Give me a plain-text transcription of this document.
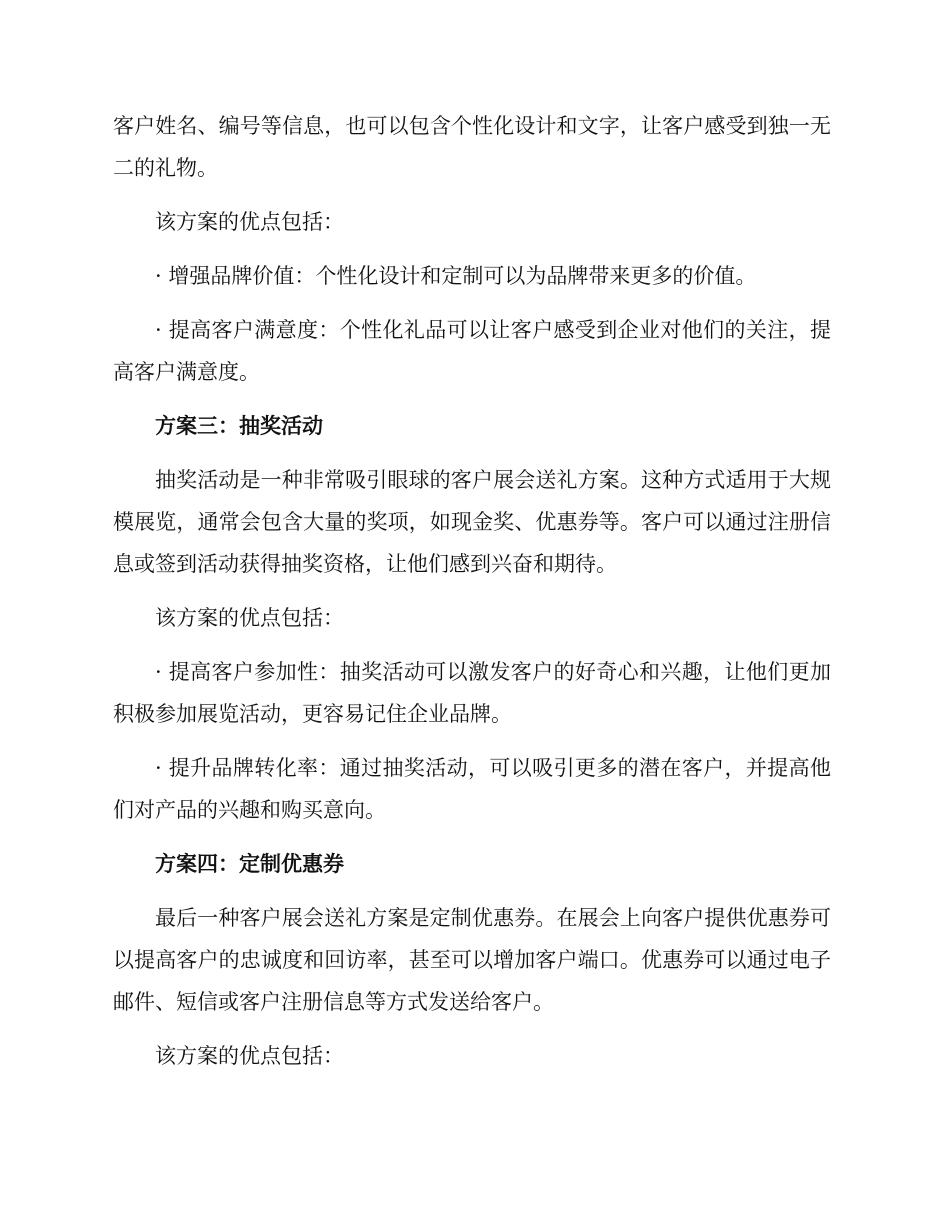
客户姓名、编号等信息，也可以包含个性化设计和文字，让客户感受到独一无二的礼物。

该方案的优点包括：

· 增强品牌价值：个性化设计和定制可以为品牌带来更多的价值。

· 提高客户满意度：个性化礼品可以让客户感受到企业对他们的关注，提高客户满意度。

方案三：抽奖活动

抽奖活动是一种非常吸引眼球的客户展会送礼方案。这种方式适用于大规模展览，通常会包含大量的奖项，如现金奖、优惠券等。客户可以通过注册信息或签到活动获得抽奖资格，让他们感到兴奋和期待。

该方案的优点包括：

· 提高客户参加性：抽奖活动可以激发客户的好奇心和兴趣，让他们更加积极参加展览活动，更容易记住企业品牌。

· 提升品牌转化率：通过抽奖活动，可以吸引更多的潜在客户，并提高他们对产品的兴趣和购买意向。

方案四：定制优惠券

最后一种客户展会送礼方案是定制优惠券。在展会上向客户提供优惠券可以提高客户的忠诚度和回访率，甚至可以增加客户端口。优惠券可以通过电子邮件、短信或客户注册信息等方式发送给客户。

该方案的优点包括：
